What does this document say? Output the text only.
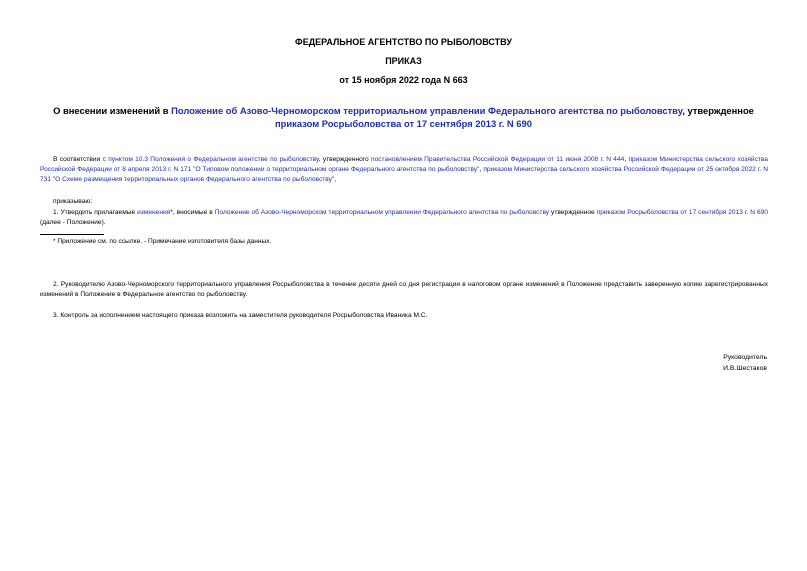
ФЕДЕРАЛЬНОЕ АГЕНТСТВО ПО РЫБОЛОВСТВУ
ПРИКАЗ
от 15 ноября 2022 года N 663
О внесении изменений в Положение об Азово-Черноморском территориальном управлении Федерального агентства по рыболовству, утвержденное приказом Росрыболовства от 17 сентября 2013 г. N 690
В соответствии с пунктом 10.3 Положения о Федеральном агентстве по рыболовству, утвержденного постановлением Правительства Российской Федерации от 11 июня 2008 г. N 444, приказом Министерства сельского хозяйства Российской Федерации от 8 апреля 2013 г. N 171 "О Типовом положении о территориальном органе Федерального агентства по рыболовству", приказом Министерства сельского хозяйства Российской Федерации от 25 октября 2022 г. N 731 "О Схеме размещения территориальных органов Федерального агентства по рыболовству",
приказываю:
1. Утвердить прилагаемые изменения*, вносимые в Положение об Азово-Черноморском территориальном управлении Федерального агентства по рыболовству утвержденное приказом Росрыболовства от 17 сентября 2013 г. N 690 (далее - Положение).
* Приложение см. по ссылке. - Примечание изготовителя базы данных.
2. Руководителю Азово-Черноморского территориального управления Росрыболовства в течение десяти дней со дня регистрации в налоговом органе изменений в Положение представить заверенную копию зарегистрированных изменений в Положение в Федеральное агентство по рыболовству.
3. Контроль за исполнением настоящего приказа возложить на заместителя руководителя Росрыболовства Иваника М.С.
Руководитель
И.В.Шестаков
